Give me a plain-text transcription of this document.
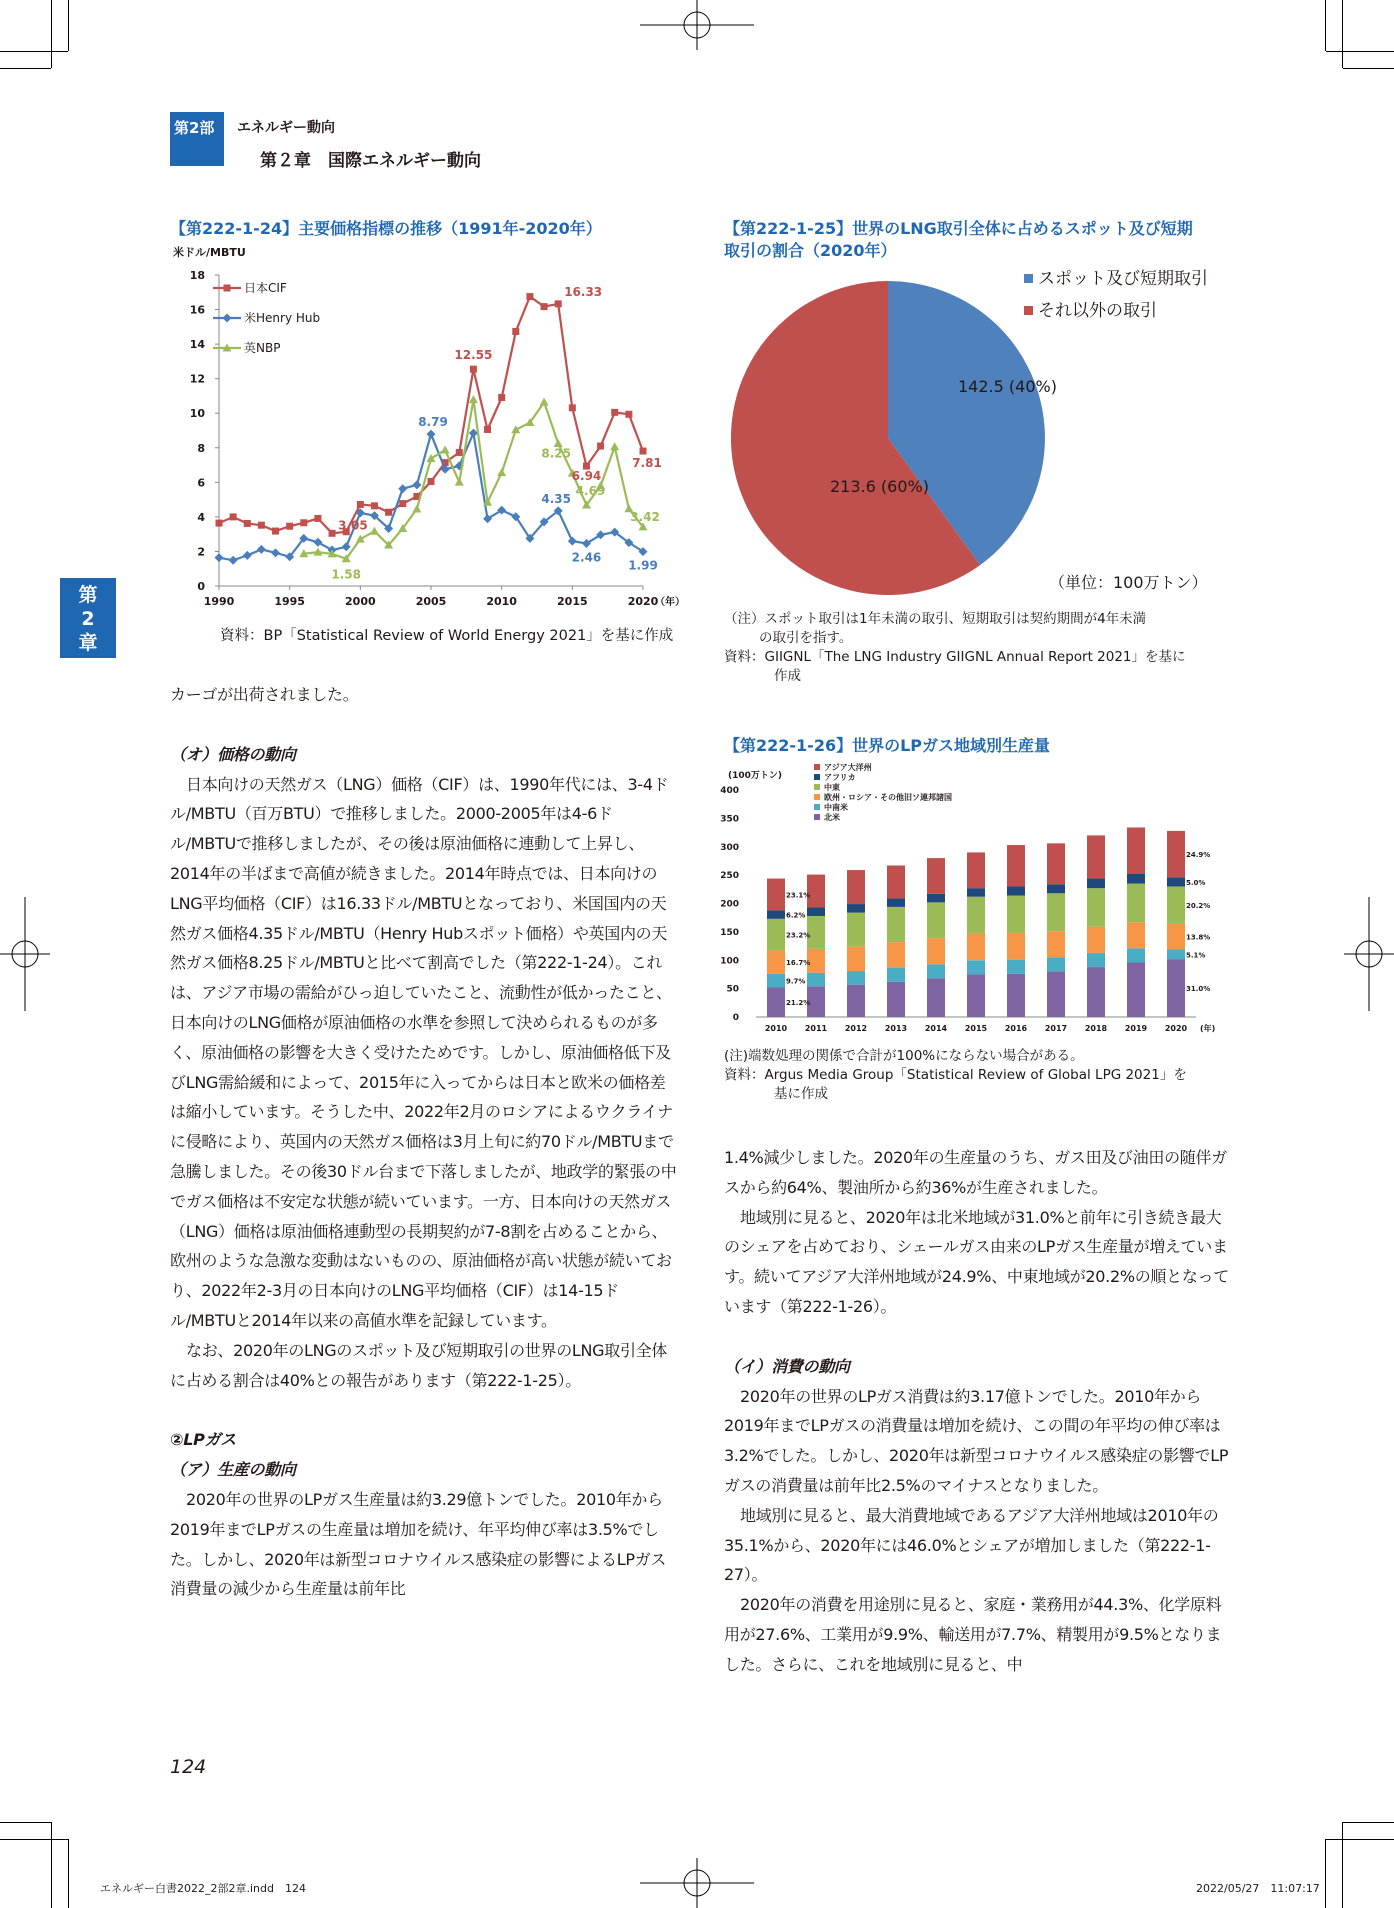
第2部 エネルギー動向
第２章　国際エネルギー動向
第
2
章
【第222-1-24】主要価格指標の推移（1991年-2020年）
米ドル/MBTU
0
2
4
6
8
10
12
14
16
18
1990	1995	2000	2005	2010	2015	2020
（年）
日本CIF
米Henry Hub
英NBP
3.05
12.55
16.33
6.94
7.81
8.79
4.35
2.46
1.99
1.58
8.25
4.69
3.42
資料：BP「Statistical Review of World Energy 2021」を基に作成
【第222-1-25】世界のLNG取引全体に占めるスポット及び短期
取引の割合（2020年）
142.5 (40%)
213.6 (60%)
スポット及び短期取引
それ以外の取引
（単位：100万トン）
（注）スポット取引は1年未満の取引、短期取引は契約期間が4年未満
の取引を指す。
資料：GIIGNL「The LNG Industry GIIGNL Annual Report 2021」を基に
作成
【第222-1-26】世界のLPガス地域別生産量
(100万トン)
0
50
100
150
200
250
300
350
400
2010 2011 2012 2013 2014 2015 2016 2017 2018 2019 2020 (年)
アジア大洋州
アフリカ
中東
欧州・ロシア・その他旧ソ連邦諸国
中南米
北米
23.1%
6.2%
23.2%
16.7%
9.7%
21.2%
24.9%
5.0%
20.2%
13.8%
5.1%
31.0%
(注)端数処理の関係で合計が100%にならない場合がある。
資料：Argus Media Group「Statistical Review of Global LPG 2021」を
基に作成

カーゴが出荷されました。

（オ）価格の動向

日本向けの天然ガス（LNG）価格（CIF）は、1990年代には、3-4ドル/MBTU（百万BTU）で推移しました。2000-2005年は4-6ドル/MBTUで推移しましたが、その後は原油価格に連動して上昇し、2014年の半ばまで高値が続きました。2014年時点では、日本向けのLNG平均価格（CIF）は16.33ドル/MBTUとなっており、米国国内の天然ガス価格4.35ドル/MBTU（Henry Hubスポット価格）や英国内の天然ガス価格8.25ドル/MBTUと比べて割高でした（第222-1-24）。これは、アジア市場の需給がひっ迫していたこと、流動性が低かったこと、日本向けのLNG価格が原油価格の水準を参照して決められるものが多く、原油価格の影響を大きく受けたためです。しかし、原油価格低下及びLNG需給緩和によって、2015年に入ってからは日本と欧米の価格差は縮小しています。そうした中、2022年2月のロシアによるウクライナに侵略により、英国内の天然ガス価格は3月上旬に約70ドル/MBTUまで急騰しました。その後30ドル台まで下落しましたが、地政学的緊張の中でガス価格は不安定な状態が続いています。一方、日本向けの天然ガス（LNG）価格は原油価格連動型の長期契約が7-8割を占めることから、欧州のような急激な変動はないものの、原油価格が高い状態が続いており、2022年2-3月の日本向けのLNG平均価格（CIF）は14-15ドル/MBTUと2014年以来の高値水準を記録しています。

なお、2020年のLNGのスポット及び短期取引の世界のLNG取引全体に占める割合は40%との報告があります（第222-1-25）。

②LPガス
（ア）生産の動向

2020年の世界のLPガス生産量は約3.29億トンでした。2010年から2019年までLPガスの生産量は増加を続け、年平均伸び率は3.5%でした。しかし、2020年は新型コロナウイルス感染症の影響によるLPガス消費量の減少から生産量は前年比

1.4%減少しました。2020年の生産量のうち、ガス田及び油田の随伴ガスから約64%、製油所から約36%が生産されました。

地域別に見ると、2020年は北米地域が31.0%と前年に引き続き最大のシェアを占めており、シェールガス由来のLPガス生産量が増えています。続いてアジア大洋州地域が24.9%、中東地域が20.2%の順となっています（第222-1-26）。

（イ）消費の動向

2020年の世界のLPガス消費は約3.17億トンでした。2010年から2019年までLPガスの消費量は増加を続け、この間の年平均の伸び率は3.2%でした。しかし、2020年は新型コロナウイルス感染症の影響でLPガスの消費量は前年比2.5%のマイナスとなりました。

地域別に見ると、最大消費地域であるアジア大洋州地域は2010年の35.1%から、2020年には46.0%とシェアが増加しました（第222-1-27）。

2020年の消費を用途別に見ると、家庭・業務用が44.3%、化学原料用が27.6%、工業用が9.9%、輸送用が7.7%、精製用が9.5%となりました。さらに、これを地域別に見ると、中

124
エネルギー白書2022_2部2章.indd　124	2022/05/27　11:07:17
